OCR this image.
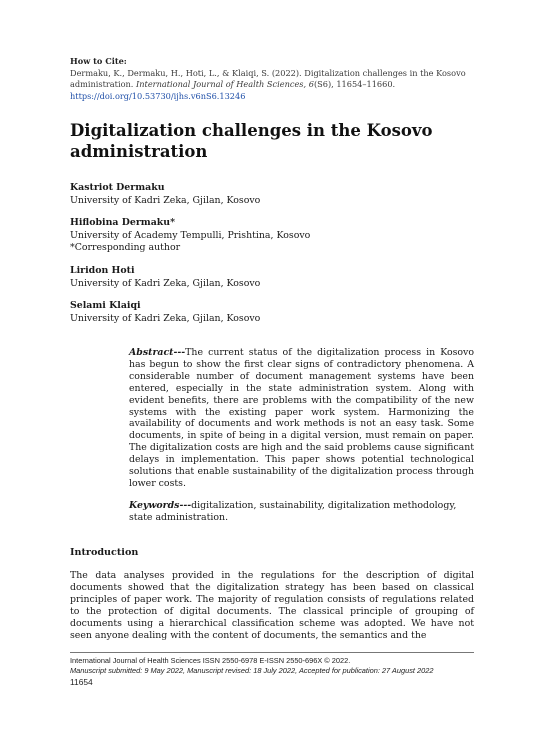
How to Cite:
Dermaku, K., Dermaku, H., Hoti, L., & Klaiqi, S. (2022). Digitalization challenges in the Kosovo administration. International Journal of Health Sciences, 6(S6), 11654–11660.
https://doi.org/10.53730/ijhs.v6nS6.13246
Digitalization challenges in the Kosovo administration
Kastriot Dermaku
University of Kadri Zeka, Gjilan, Kosovo
Hiflobina Dermaku*
University of Academy Tempulli, Prishtina, Kosovo
*Corresponding author
Liridon Hoti
University of Kadri Zeka, Gjilan, Kosovo
Selami Klaiqi
University of Kadri Zeka, Gjilan, Kosovo
Abstract---The current status of the digitalization process in Kosovo has begun to show the first clear signs of contradictory phenomena. A considerable number of document management systems have been entered, especially in the state administration system. Along with evident benefits, there are problems with the compatibility of the new systems with the existing paper work system. Harmonizing the availability of documents and work methods is not an easy task. Some documents, in spite of being in a digital version, must remain on paper. The digitalization costs are high and the said problems cause significant delays in implementation. This paper shows potential technological solutions that enable sustainability of the digitalization process through lower costs.
Keywords---digitalization, sustainability, digitalization methodology, state administration.
Introduction
The data analyses provided in the regulations for the description of digital documents showed that the digitalization strategy has been based on classical principles of paper work. The majority of regulation consists of regulations related to the protection of digital documents. The classical principle of grouping of documents using a hierarchical classification scheme was adopted. We have not seen anyone dealing with the content of documents, the semantics and the
International Journal of Health Sciences ISSN 2550-6978 E-ISSN 2550-696X © 2022.
Manuscript submitted: 9 May 2022, Manuscript revised: 18 July 2022, Accepted for publication: 27 August 2022
11654
